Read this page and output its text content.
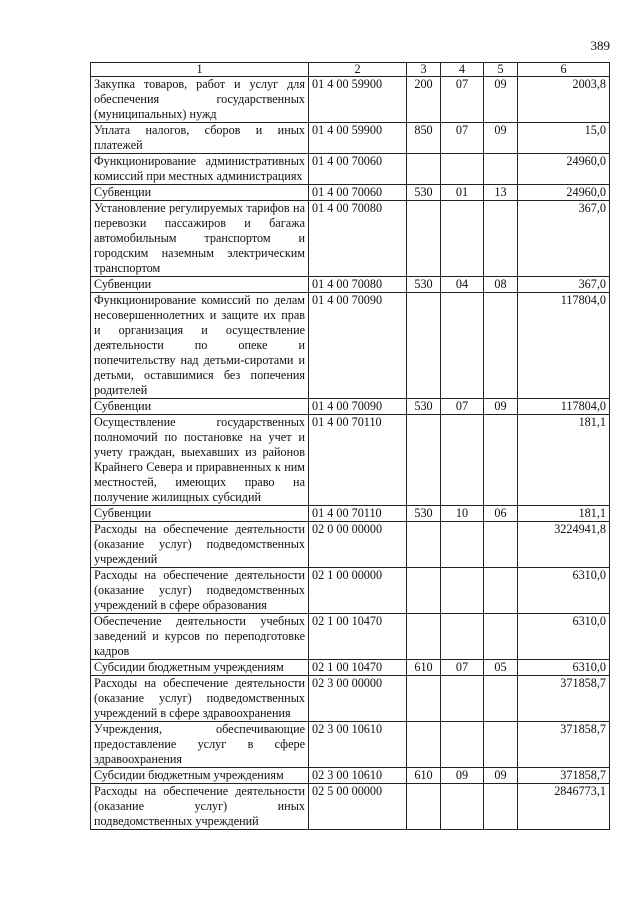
389
1	2	3	4	5	6
Закупка товаров, работ и услуг для обеспечения государственных (муниципальных) нужд	01 4 00 59900	200	07	09	2003,8
Уплата налогов, сборов и иных платежей	01 4 00 59900	850	07	09	15,0
Функционирование административных комиссий при местных администрациях	01 4 00 70060				24960,0
Субвенции	01 4 00 70060	530	01	13	24960,0
Установление регулируемых тарифов на перевозки пассажиров и багажа автомобильным транспортом и городским наземным электрическим транспортом	01 4 00 70080				367,0
Субвенции	01 4 00 70080	530	04	08	367,0
Функционирование комиссий по делам несовершеннолетних и защите их прав и организация и осуществление деятельности по опеке и попечительству над детьми-сиротами и детьми, оставшимися без попечения родителей	01 4 00 70090				117804,0
Субвенции	01 4 00 70090	530	07	09	117804,0
Осуществление государственных полномочий по постановке на учет и учету граждан, выехавших из районов Крайнего Севера и приравненных к ним местностей, имеющих право на получение жилищных субсидий	01 4 00 70110				181,1
Субвенции	01 4 00 70110	530	10	06	181,1
Расходы на обеспечение деятельности (оказание услуг) подведомственных учреждений	02 0 00 00000				3224941,8
Расходы на обеспечение деятельности (оказание услуг) подведомственных учреждений в сфере образования	02 1 00 00000				6310,0
Обеспечение деятельности учебных заведений и курсов по переподготовке кадров	02 1 00 10470				6310,0
Субсидии бюджетным учреждениям	02 1 00 10470	610	07	05	6310,0
Расходы на обеспечение деятельности (оказание услуг) подведомственных учреждений в сфере здравоохранения	02 3 00 00000				371858,7
Учреждения, обеспечивающие предоставление услуг в сфере здравоохранения	02 3 00 10610				371858,7
Субсидии бюджетным учреждениям	02 3 00 10610	610	09	09	371858,7
Расходы на обеспечение деятельности (оказание услуг) иных подведомственных учреждений	02 5 00 00000				2846773,1
